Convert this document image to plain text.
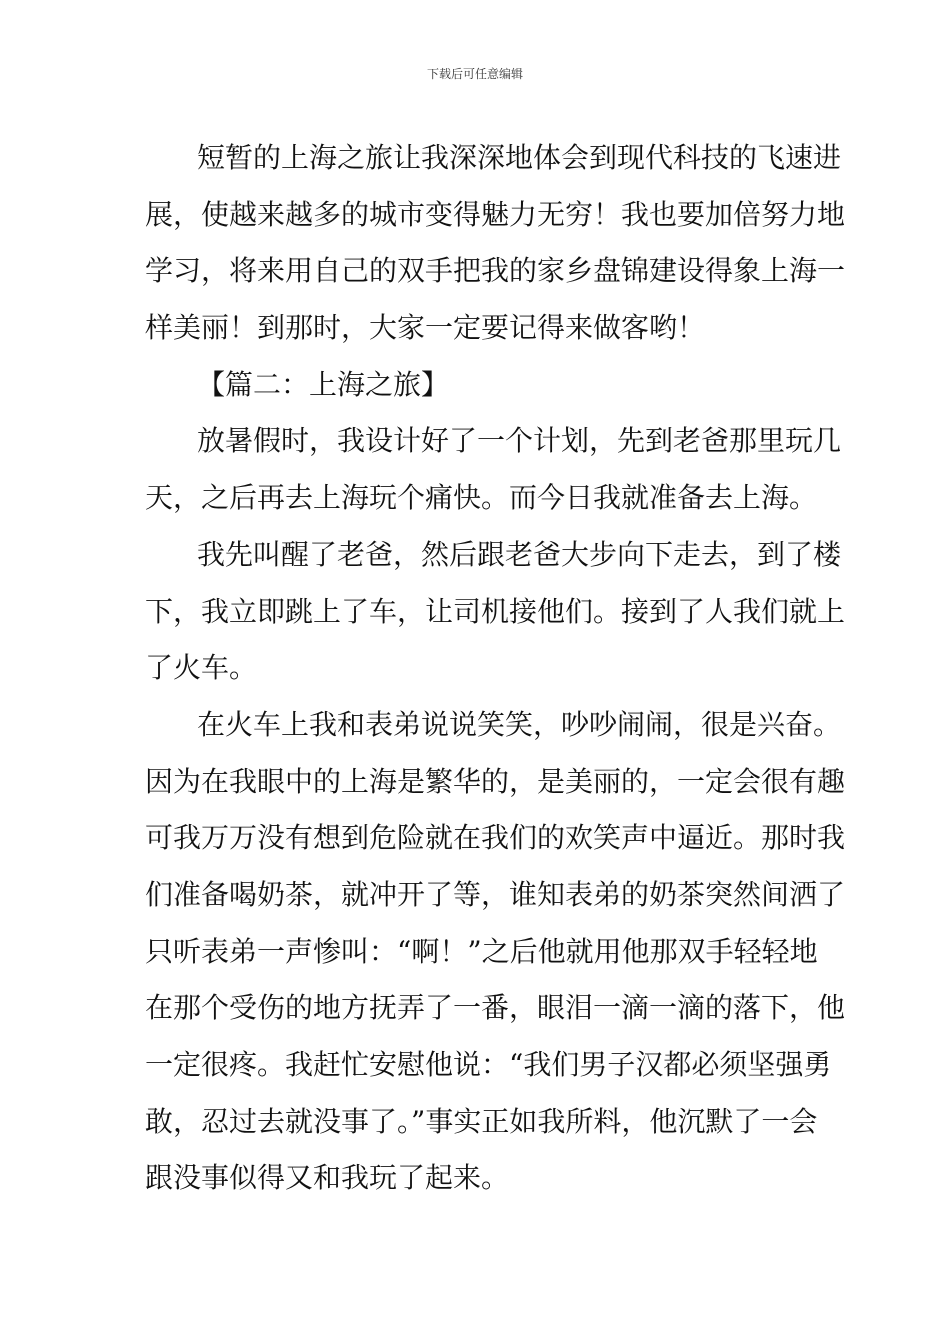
下载后可任意编辑
短暂的上海之旅让我深深地体会到现代科技的飞速进
展，使越来越多的城市变得魅力无穷！我也要加倍努力地
学习，将来用自己的双手把我的家乡盘锦建设得象上海一
样美丽！到那时，大家一定要记得来做客哟！
【篇二：上海之旅】
放暑假时，我设计好了一个计划，先到老爸那里玩几
天，之后再去上海玩个痛快。而今日我就准备去上海。
我先叫醒了老爸，然后跟老爸大步向下走去，到了楼
下，我立即跳上了车，让司机接他们。接到了人我们就上
了火车。
在火车上我和表弟说说笑笑，吵吵闹闹，很是兴奋。
因为在我眼中的上海是繁华的，是美丽的，一定会很有趣
可我万万没有想到危险就在我们的欢笑声中逼近。那时我
们准备喝奶茶，就冲开了等，谁知表弟的奶茶突然间洒了
只听表弟一声惨叫：“啊！”之后他就用他那双手轻轻地
在那个受伤的地方抚弄了一番，眼泪一滴一滴的落下，他
一定很疼。我赶忙安慰他说：“我们男子汉都必须坚强勇
敢，忍过去就没事了。”事实正如我所料，他沉默了一会
跟没事似得又和我玩了起来。
